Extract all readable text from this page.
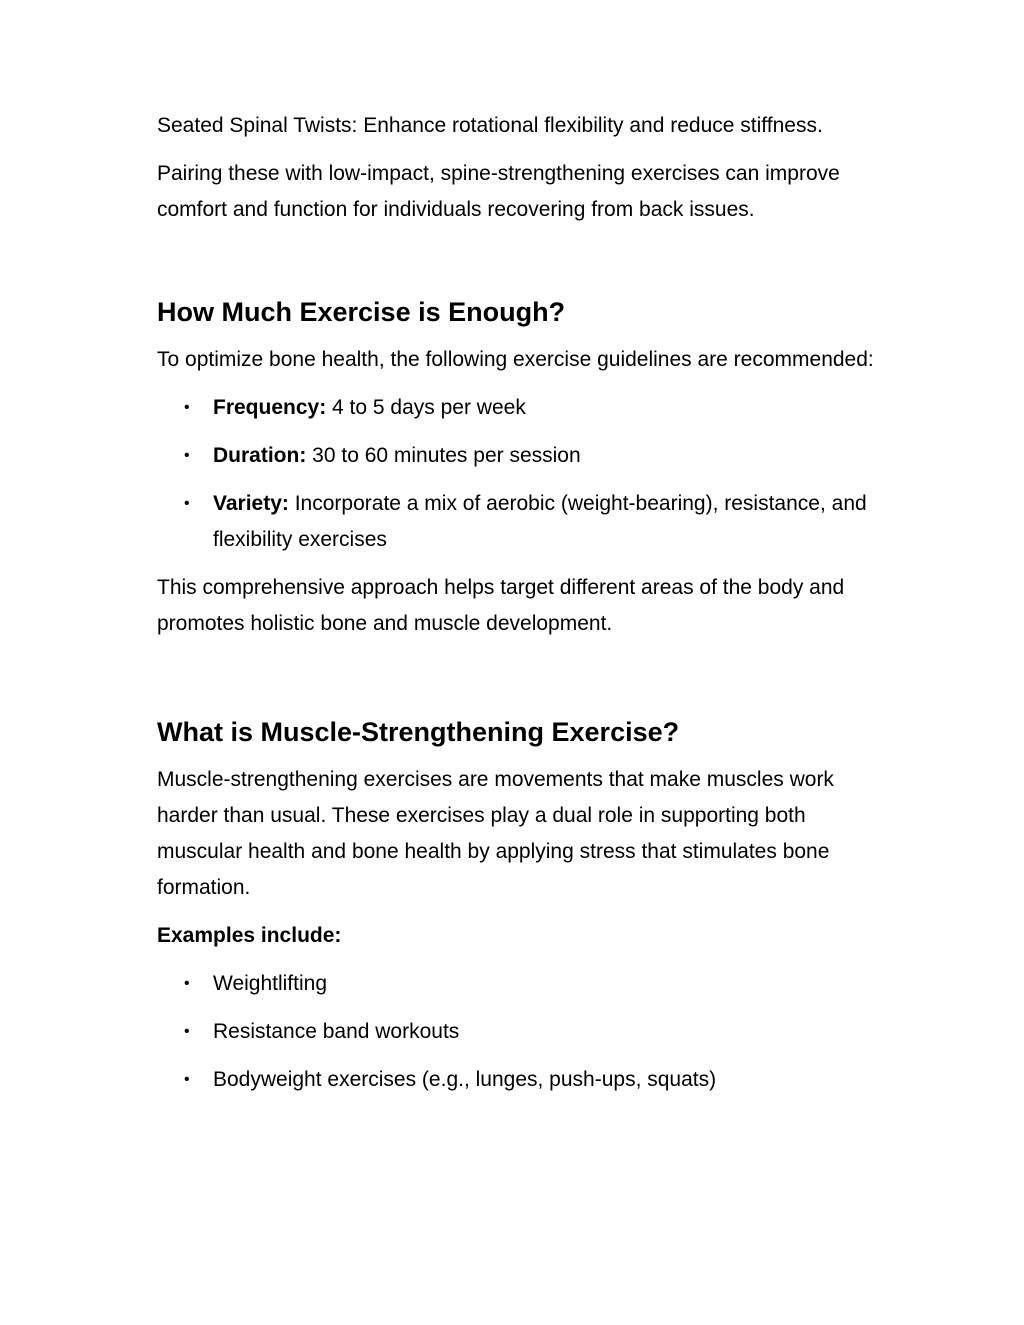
Seated Spinal Twists: Enhance rotational flexibility and reduce stiffness.

Pairing these with low-impact, spine-strengthening exercises can improve comfort and function for individuals recovering from back issues.

How Much Exercise is Enough?

To optimize bone health, the following exercise guidelines are recommended:

• Frequency: 4 to 5 days per week
• Duration: 30 to 60 minutes per session
• Variety: Incorporate a mix of aerobic (weight-bearing), resistance, and flexibility exercises

This comprehensive approach helps target different areas of the body and promotes holistic bone and muscle development.

What is Muscle-Strengthening Exercise?

Muscle-strengthening exercises are movements that make muscles work harder than usual. These exercises play a dual role in supporting both muscular health and bone health by applying stress that stimulates bone formation.

Examples include:

• Weightlifting
• Resistance band workouts
• Bodyweight exercises (e.g., lunges, push-ups, squats)
